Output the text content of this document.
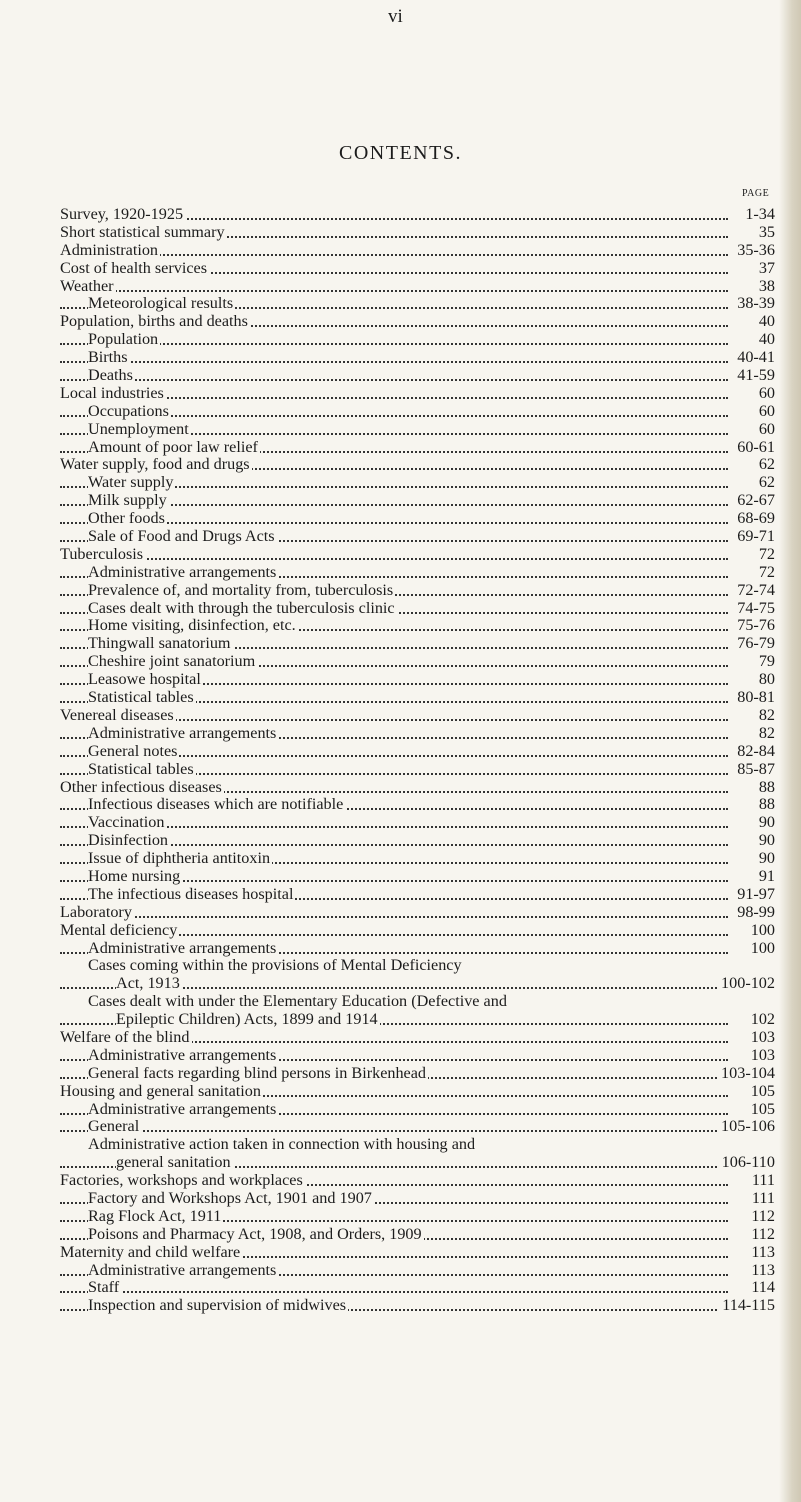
vi
CONTENTS.
PAGE
Survey, 1920-1925	1-34
Short statistical summary	35
Administration	35-36
Cost of health services	37
Weather	38
Meteorological results	38-39
Population, births and deaths	40
Population	40
Births	40-41
Deaths	41-59
Local industries	60
Occupations	60
Unemployment	60
Amount of poor law relief	60-61
Water supply, food and drugs	62
Water supply	62
Milk supply	62-67
Other foods	68-69
Sale of Food and Drugs Acts	69-71
Tuberculosis	72
Administrative arrangements	72
Prevalence of, and mortality from, tuberculosis	72-74
Cases dealt with through the tuberculosis clinic	74-75
Home visiting, disinfection, etc.	75-76
Thingwall sanatorium	76-79
Cheshire joint sanatorium	79
Leasowe hospital	80
Statistical tables	80-81
Venereal diseases	82
Administrative arrangements	82
General notes	82-84
Statistical tables	85-87
Other infectious diseases	88
Infectious diseases which are notifiable	88
Vaccination	90
Disinfection	90
Issue of diphtheria antitoxin	90
Home nursing	91
The infectious diseases hospital	91-97
Laboratory	98-99
Mental deficiency	100
Administrative arrangements	100
Cases coming within the provisions of Mental Deficiency
Act, 1913	100-102
Cases dealt with under the Elementary Education (Defective and
Epileptic Children) Acts, 1899 and 1914	102
Welfare of the blind	103
Administrative arrangements	103
General facts regarding blind persons in Birkenhead	103-104
Housing and general sanitation	105
Administrative arrangements	105
General	105-106
Administrative action taken in connection with housing and
general sanitation	106-110
Factories, workshops and workplaces	111
Factory and Workshops Act, 1901 and 1907	111
Rag Flock Act, 1911	112
Poisons and Pharmacy Act, 1908, and Orders, 1909	112
Maternity and child welfare	113
Administrative arrangements	113
Staff	114
Inspection and supervision of midwives	114-115
